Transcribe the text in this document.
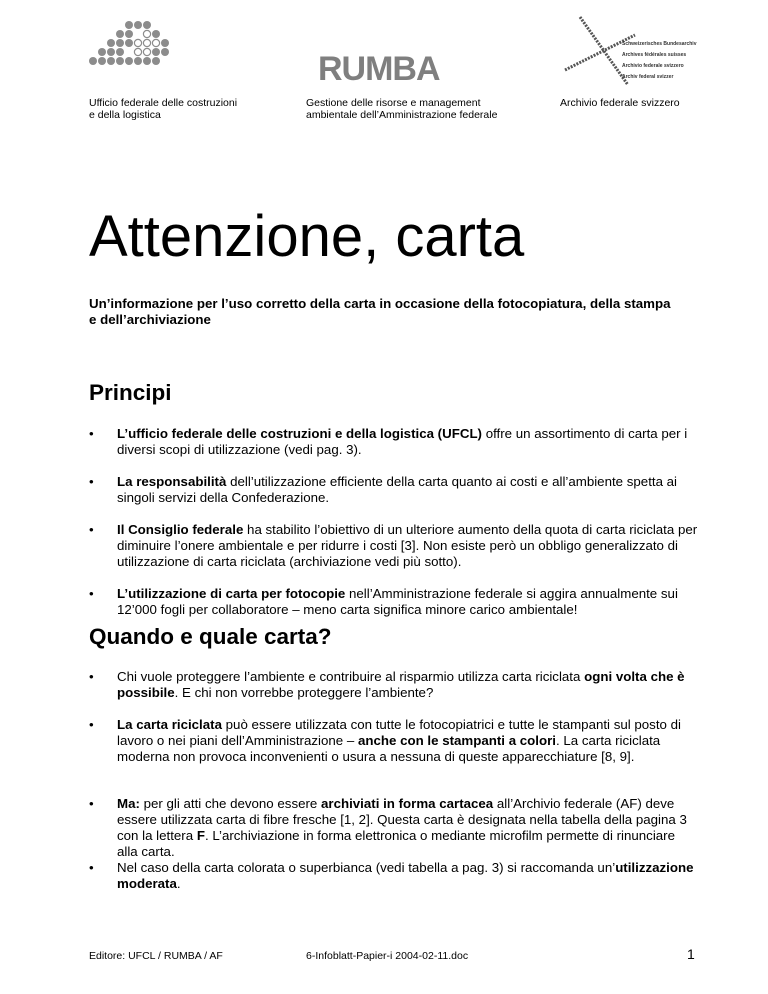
Ufficio federale delle costruzioni
e della logistica
RUMBA
Gestione delle risorse e management
ambientale dell’Amministrazione federale
Schweizerisches Bundesarchiv
Archives fédérales suisses
Archivio federale svizzero
Archiv federal svizzer
Archivio federale svizzero
Attenzione, carta
Un’informazione per l’uso corretto della carta in occasione della fotocopiatura, della stampa e dell’archiviazione
Principi
• L’ufficio federale delle costruzioni e della logistica (UFCL) offre un assortimento di carta per i diversi scopi di utilizzazione (vedi pag. 3).
• La responsabilità dell’utilizzazione efficiente della carta quanto ai costi e all’ambiente spetta ai singoli servizi della Confederazione.
• Il Consiglio federale ha stabilito l’obiettivo di un ulteriore aumento della quota di carta riciclata per diminuire l’onere ambientale e per ridurre i costi [3]. Non esiste però un obbligo generalizzato di utilizzazione di carta riciclata (archiviazione vedi più sotto).
• L’utilizzazione di carta per fotocopie nell’Amministrazione federale si aggira annualmente sui 12’000 fogli per collaboratore – meno carta significa minore carico ambientale!
Quando e quale carta?
• Chi vuole proteggere l’ambiente e contribuire al risparmio utilizza carta riciclata ogni volta che è possibile. E chi non vorrebbe proteggere l’ambiente?
• La carta riciclata può essere utilizzata con tutte le fotocopiatrici e tutte le stampanti sul posto di lavoro o nei piani dell’Amministrazione – anche con le stampanti a colori. La carta riciclata moderna non provoca inconvenienti o usura a nessuna di queste apparecchiature [8, 9].
• Ma: per gli atti che devono essere archiviati in forma cartacea all’Archivio federale (AF) deve essere utilizzata carta di fibre fresche [1, 2]. Questa carta è designata nella tabella della pagina 3 con la lettera F. L’archiviazione in forma elettronica o mediante microfilm permette di rinunciare alla carta.
• Nel caso della carta colorata o superbianca (vedi tabella a pag. 3) si raccomanda un’utilizzazione moderata.
Editore: UFCL / RUMBA / AF	6-Infoblatt-Papier-i 2004-02-11.doc	1
